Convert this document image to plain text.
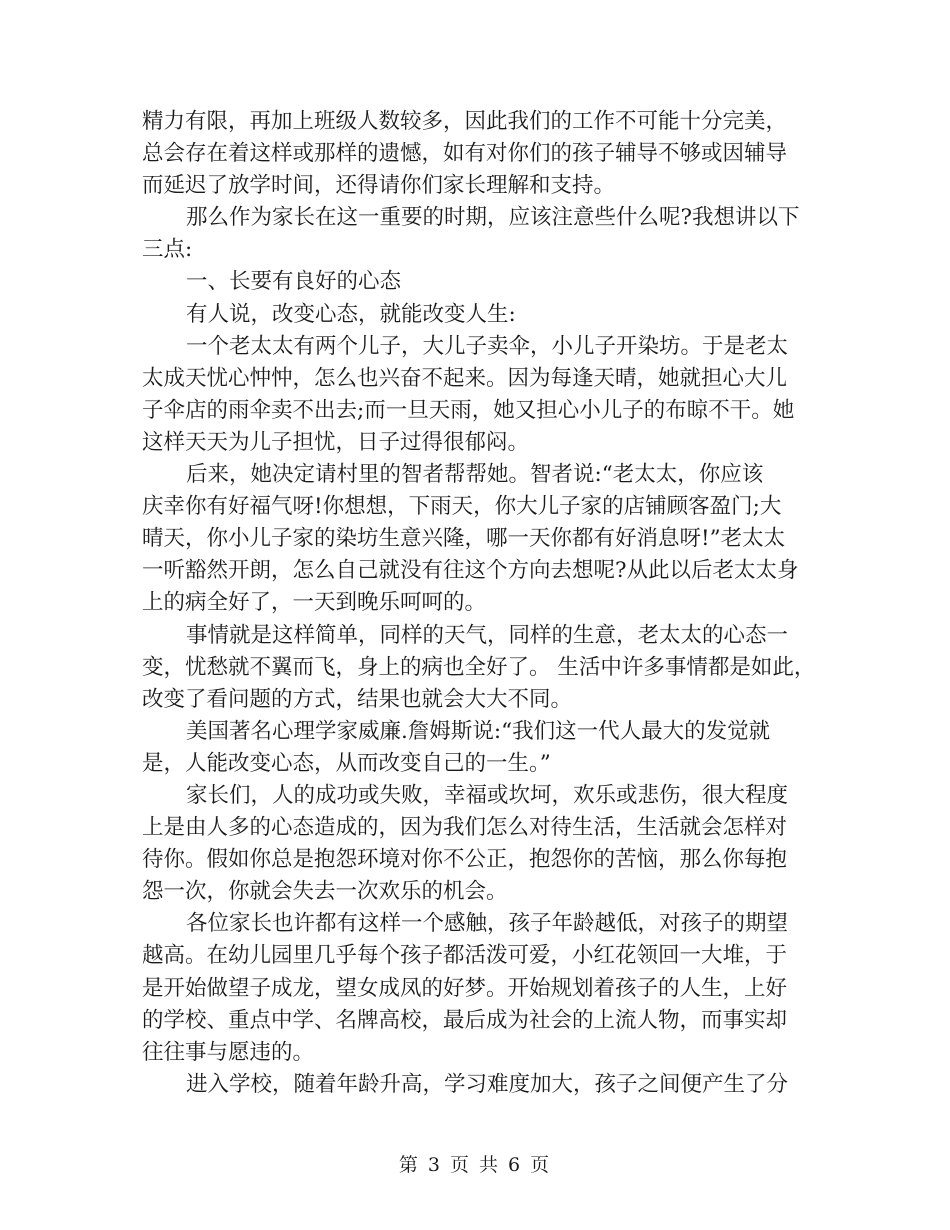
精力有限，再加上班级人数较多，因此我们的工作不可能十分完美，
总会存在着这样或那样的遗憾，如有对你们的孩子辅导不够或因辅导
而延迟了放学时间，还得请你们家长理解和支持。
那么作为家长在这一重要的时期，应该注意些什么呢?我想讲以下
三点:
一、长要有良好的心态
有人说，改变心态，就能改变人生:
一个老太太有两个儿子，大儿子卖伞，小儿子开染坊。于是老太
太成天忧心忡忡，怎么也兴奋不起来。因为每逢天晴，她就担心大儿
子伞店的雨伞卖不出去;而一旦天雨，她又担心小儿子的布晾不干。她
这样天天为儿子担忧，日子过得很郁闷。
后来，她决定请村里的智者帮帮她。智者说:“老太太，你应该
庆幸你有好福气呀!你想想，下雨天，你大儿子家的店铺顾客盈门;大
晴天，你小儿子家的染坊生意兴隆，哪一天你都有好消息呀!”老太太
一听豁然开朗，怎么自己就没有往这个方向去想呢?从此以后老太太身
上的病全好了，一天到晚乐呵呵的。
事情就是这样简单，同样的天气，同样的生意，老太太的心态一
变，忧愁就不翼而飞，身上的病也全好了。 生活中许多事情都是如此，
改变了看问题的方式，结果也就会大大不同。
美国著名心理学家威廉.詹姆斯说:“我们这一代人最大的发觉就
是，人能改变心态，从而改变自己的一生。”
家长们，人的成功或失败，幸福或坎坷，欢乐或悲伤，很大程度
上是由人多的心态造成的，因为我们怎么对待生活，生活就会怎样对
待你。假如你总是抱怨环境对你不公正，抱怨你的苦恼，那么你每抱
怨一次，你就会失去一次欢乐的机会。
各位家长也许都有这样一个感触，孩子年龄越低，对孩子的期望
越高。在幼儿园里几乎每个孩子都活泼可爱，小红花领回一大堆，于
是开始做望子成龙，望女成凤的好梦。开始规划着孩子的人生，上好
的学校、重点中学、名牌高校，最后成为社会的上流人物，而事实却
往往事与愿违的。
进入学校，随着年龄升高，学习难度加大，孩子之间便产生了分
第 3 页 共 6 页
